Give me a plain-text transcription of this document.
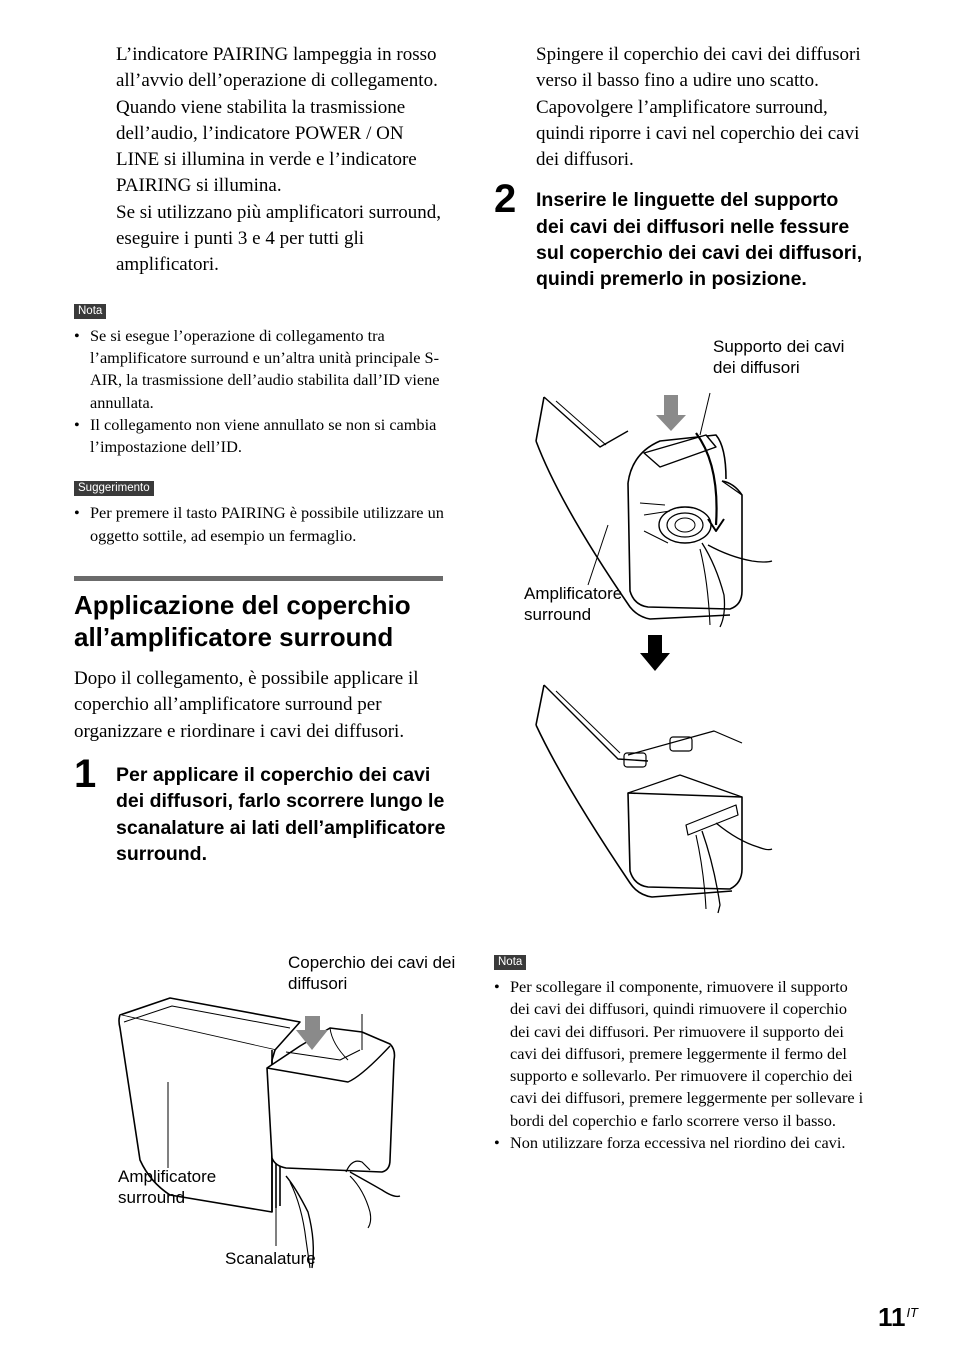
L’indicatore PAIRING lampeggia in rosso all’avvio dell’operazione di collegamento.

Quando viene stabilita la trasmissione dell’audio, l’indicatore POWER / ON LINE si illumina in verde e l’indicatore PAIRING si illumina.

Se si utilizzano più amplificatori surround, eseguire i punti 3 e 4 per tutti gli amplificatori.

Nota
• Se si esegue l’operazione di collegamento tra l’amplificatore surround e un’altra unità principale S-AIR, la trasmissione dell’audio stabilita dall’ID viene annullata.
• Il collegamento non viene annullato se non si cambia l’impostazione dell’ID.
Suggerimento
• Per premere il tasto PAIRING è possibile utilizzare un oggetto sottile, ad esempio un fermaglio.
Applicazione del coperchio all’amplificatore surround

Dopo il collegamento, è possibile applicare il coperchio all’amplificatore surround per organizzare e riordinare i cavi dei diffusori.

1 Per applicare il coperchio dei cavi dei diffusori, farlo scorrere lungo le scanalature ai lati dell’amplificatore surround.

Coperchio dei cavi dei diffusori
Amplificatore surround
Scanalature

Spingere il coperchio dei cavi dei diffusori verso il basso fino a udire uno scatto. Capovolgere l’amplificatore surround, quindi riporre i cavi nel coperchio dei cavi dei diffusori.

2 Inserire le linguette del supporto dei cavi dei diffusori nelle fessure sul coperchio dei cavi dei diffusori, quindi premerlo in posizione.

Supporto dei cavi dei diffusori
Amplificatore surround
Nota
• Per scollegare il componente, rimuovere il supporto dei cavi dei diffusori, quindi rimuovere il coperchio dei cavi dei diffusori. Per rimuovere il supporto dei cavi dei diffusori, premere leggermente il fermo del supporto e sollevarlo. Per rimuovere il coperchio dei cavi dei diffusori, premere leggermente per sollevare i bordi del coperchio e farlo scorrere verso il basso.
• Non utilizzare forza eccessiva nel riordino dei cavi.
$11^{IT}$
